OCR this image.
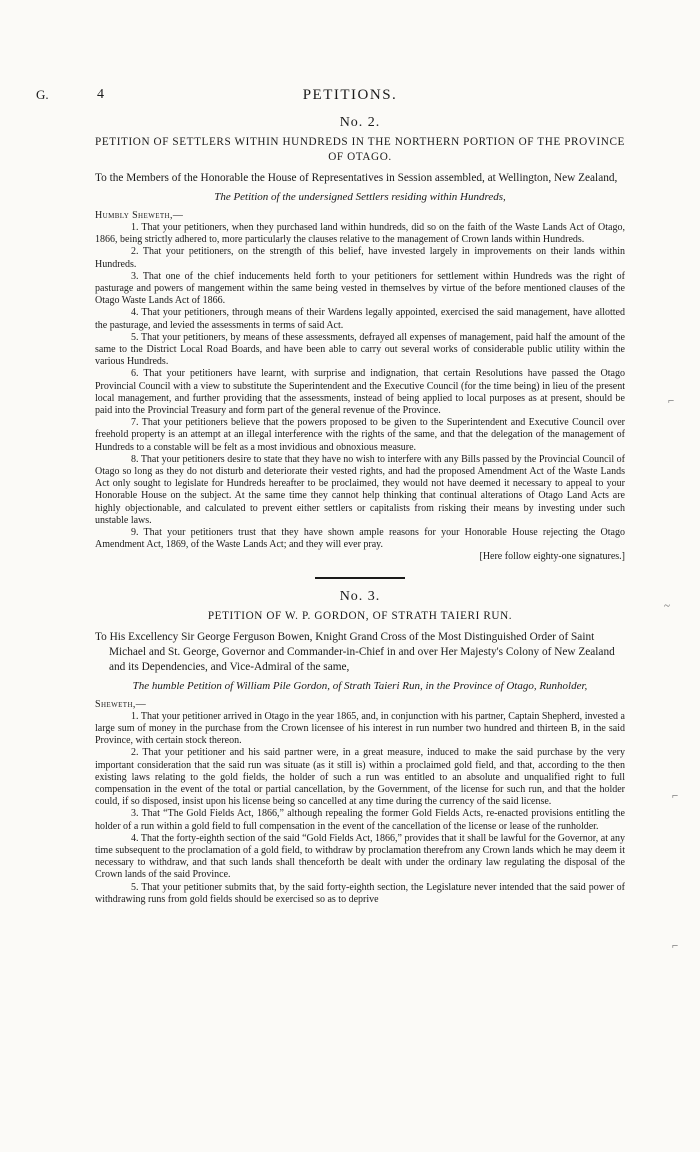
G.	4	PETITIONS.
No. 2.
PETITION OF SETTLERS WITHIN HUNDREDS IN THE NORTHERN PORTION OF THE PROVINCE OF OTAGO.
To the Members of the Honorable the House of Representatives in Session assembled, at Wellington, New Zealand,
The Petition of the undersigned Settlers residing within Hundreds,
Humbly Sheweth,—

1. That your petitioners, when they purchased land within hundreds, did so on the faith of the Waste Lands Act of Otago, 1866, being strictly adhered to, more particularly the clauses relative to the management of Crown lands within Hundreds.

2. That your petitioners, on the strength of this belief, have invested largely in improvements on their lands within Hundreds.

3. That one of the chief inducements held forth to your petitioners for settlement within Hundreds was the right of pasturage and powers of mangement within the same being vested in themselves by virtue of the before mentioned clauses of the Otago Waste Lands Act of 1866.

4. That your petitioners, through means of their Wardens legally appointed, exercised the said management, have allotted the pasturage, and levied the assessments in terms of said Act.

5. That your petitioners, by means of these assessments, defrayed all expenses of management, paid half the amount of the same to the District Local Road Boards, and have been able to carry out several works of considerable public utility within the various Hundreds.

6. That your petitioners have learnt, with surprise and indignation, that certain Resolutions have passed the Otago Provincial Council with a view to substitute the Superintendent and the Executive Council (for the time being) in lieu of the present local management, and further providing that the assessments, instead of being applied to local purposes as at present, should be paid into the Provincial Treasury and form part of the general revenue of the Province.

7. That your petitioners believe that the powers proposed to be given to the Superintendent and Executive Council over freehold property is an attempt at an illegal interference with the rights of the same, and that the delegation of the management of Hundreds to a constable will be felt as a most invidious and obnoxious measure.

8. That your petitioners desire to state that they have no wish to interfere with any Bills passed by the Provincial Council of Otago so long as they do not disturb and deteriorate their vested rights, and had the proposed Amendment Act of the Waste Lands Act only sought to legislate for Hundreds hereafter to be proclaimed, they would not have deemed it necessary to appeal to your Honorable House on the subject. At the same time they cannot help thinking that continual alterations of Otago Land Acts are highly objectionable, and calculated to prevent either settlers or capitalists from risking their means by investing under such unstable laws.

9. That your petitioners trust that they have shown ample reasons for your Honorable House rejecting the Otago Amendment Act, 1869, of the Waste Lands Act; and they will ever pray.

[Here follow eighty-one signatures.]
No. 3.
PETITION OF W. P. GORDON, OF STRATH TAIERI RUN.
To His Excellency Sir George Ferguson Bowen, Knight Grand Cross of the Most Distinguished Order of Saint Michael and St. George, Governor and Commander-in-Chief in and over Her Majesty's Colony of New Zealand and its Dependencies, and Vice-Admiral of the same,
The humble Petition of William Pile Gordon, of Strath Taieri Run, in the Province of Otago, Runholder,
Sheweth,—

1. That your petitioner arrived in Otago in the year 1865, and, in conjunction with his partner, Captain Shepherd, invested a large sum of money in the purchase from the Crown licensee of his interest in run number two hundred and thirteen B, in the said Province, with certain stock thereon.

2. That your petitioner and his said partner were, in a great measure, induced to make the said purchase by the very important consideration that the said run was situate (as it still is) within a proclaimed gold field, and that, according to the then existing laws relating to the gold fields, the holder of such a run was entitled to an absolute and unqualified right to full compensation in the event of the total or partial cancellation, by the Government, of the license for such run, and that the holder could, if so disposed, insist upon his license being so cancelled at any time during the currency of the said license.

3. That “The Gold Fields Act, 1866,” although repealing the former Gold Fields Acts, re-enacted provisions entitling the holder of a run within a gold field to full compensation in the event of the cancellation of the license or lease of the runholder.

4. That the forty-eighth section of the said “Gold Fields Act, 1866,” provides that it shall be lawful for the Governor, at any time subsequent to the proclamation of a gold field, to withdraw by proclamation therefrom any Crown lands which he may deem it necessary to withdraw, and that such lands shall thenceforth be dealt with under the ordinary law regulating the disposal of the Crown lands of the said Province.

5. That your petitioner submits that, by the said forty-eighth section, the Legislature never intended that the said power of withdrawing runs from gold fields should be exercised so as to deprive

⌐
~
⌐
⌐
